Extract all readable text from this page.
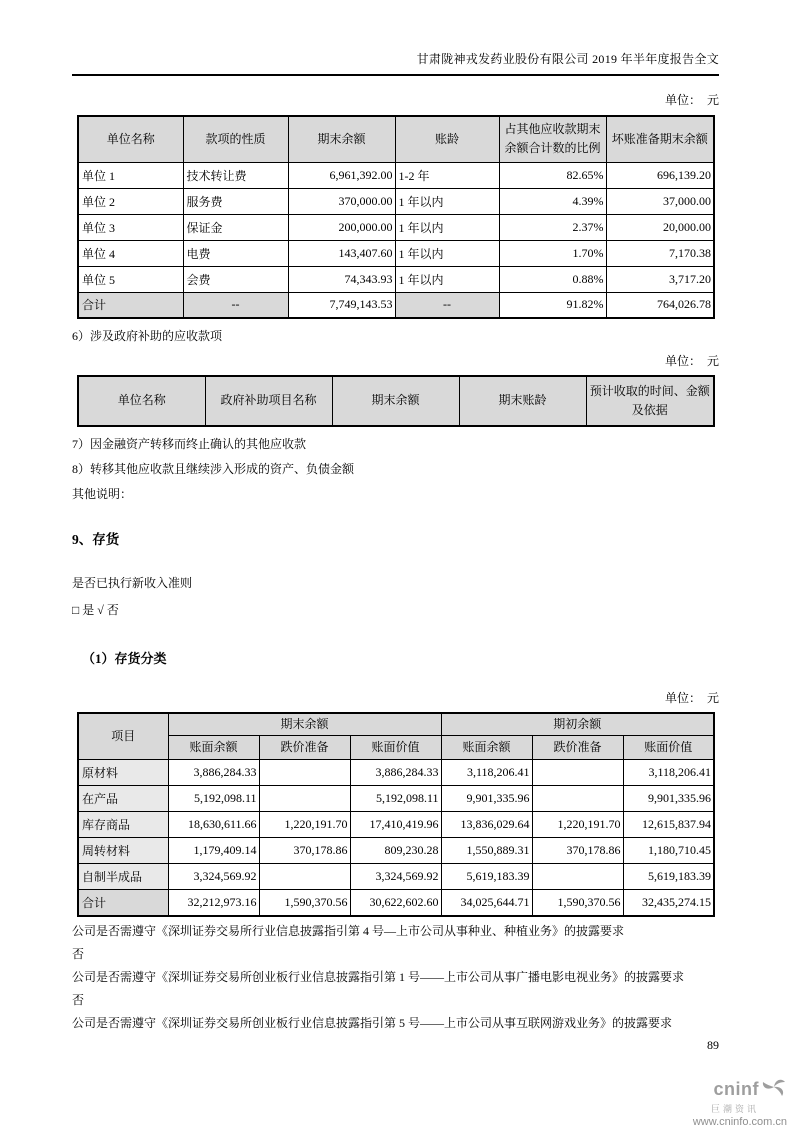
甘肃陇神戎发药业股份有限公司 2019 年半年度报告全文
单位：　元
单位名称	款项的性质	期末余额	账龄	占其他应收款期末余额合计数的比例	坏账准备期末余额
单位 1	技术转让费	6,961,392.00	1-2 年	82.65%	696,139.20
单位 2	服务费	370,000.00	1 年以内	4.39%	37,000.00
单位 3	保证金	200,000.00	1 年以内	2.37%	20,000.00
单位 4	电费	143,407.60	1 年以内	1.70%	7,170.38
单位 5	会费	74,343.93	1 年以内	0.88%	3,717.20
合计	--	7,749,143.53	--	91.82%	764,026.78
6）涉及政府补助的应收款项
单位：　元
单位名称	政府补助项目名称	期末余额	期末账龄	预计收取的时间、金额及依据
7）因金融资产转移而终止确认的其他应收款
8）转移其他应收款且继续涉入形成的资产、负债金额
其他说明：
9、存货
是否已执行新收入准则
□ 是 √ 否
（1）存货分类
单位：　元
项目	期末余额			期初余额		
	账面余额	跌价准备	账面价值	账面余额	跌价准备	账面价值
原材料	3,886,284.33		3,886,284.33	3,118,206.41		3,118,206.41
在产品	5,192,098.11		5,192,098.11	9,901,335.96		9,901,335.96
库存商品	18,630,611.66	1,220,191.70	17,410,419.96	13,836,029.64	1,220,191.70	12,615,837.94
周转材料	1,179,409.14	370,178.86	809,230.28	1,550,889.31	370,178.86	1,180,710.45
自制半成品	3,324,569.92		3,324,569.92	5,619,183.39		5,619,183.39
合计	32,212,973.16	1,590,370.56	30,622,602.60	34,025,644.71	1,590,370.56	32,435,274.15
公司是否需遵守《深圳证券交易所行业信息披露指引第 4 号—上市公司从事种业、种植业务》的披露要求
否
公司是否需遵守《深圳证券交易所创业板行业信息披露指引第 1 号——上市公司从事广播电影电视业务》的披露要求
否
公司是否需遵守《深圳证券交易所创业板行业信息披露指引第 5 号——上市公司从事互联网游戏业务》的披露要求
89
cninf
巨潮资讯
www.cninfo.com.cn
